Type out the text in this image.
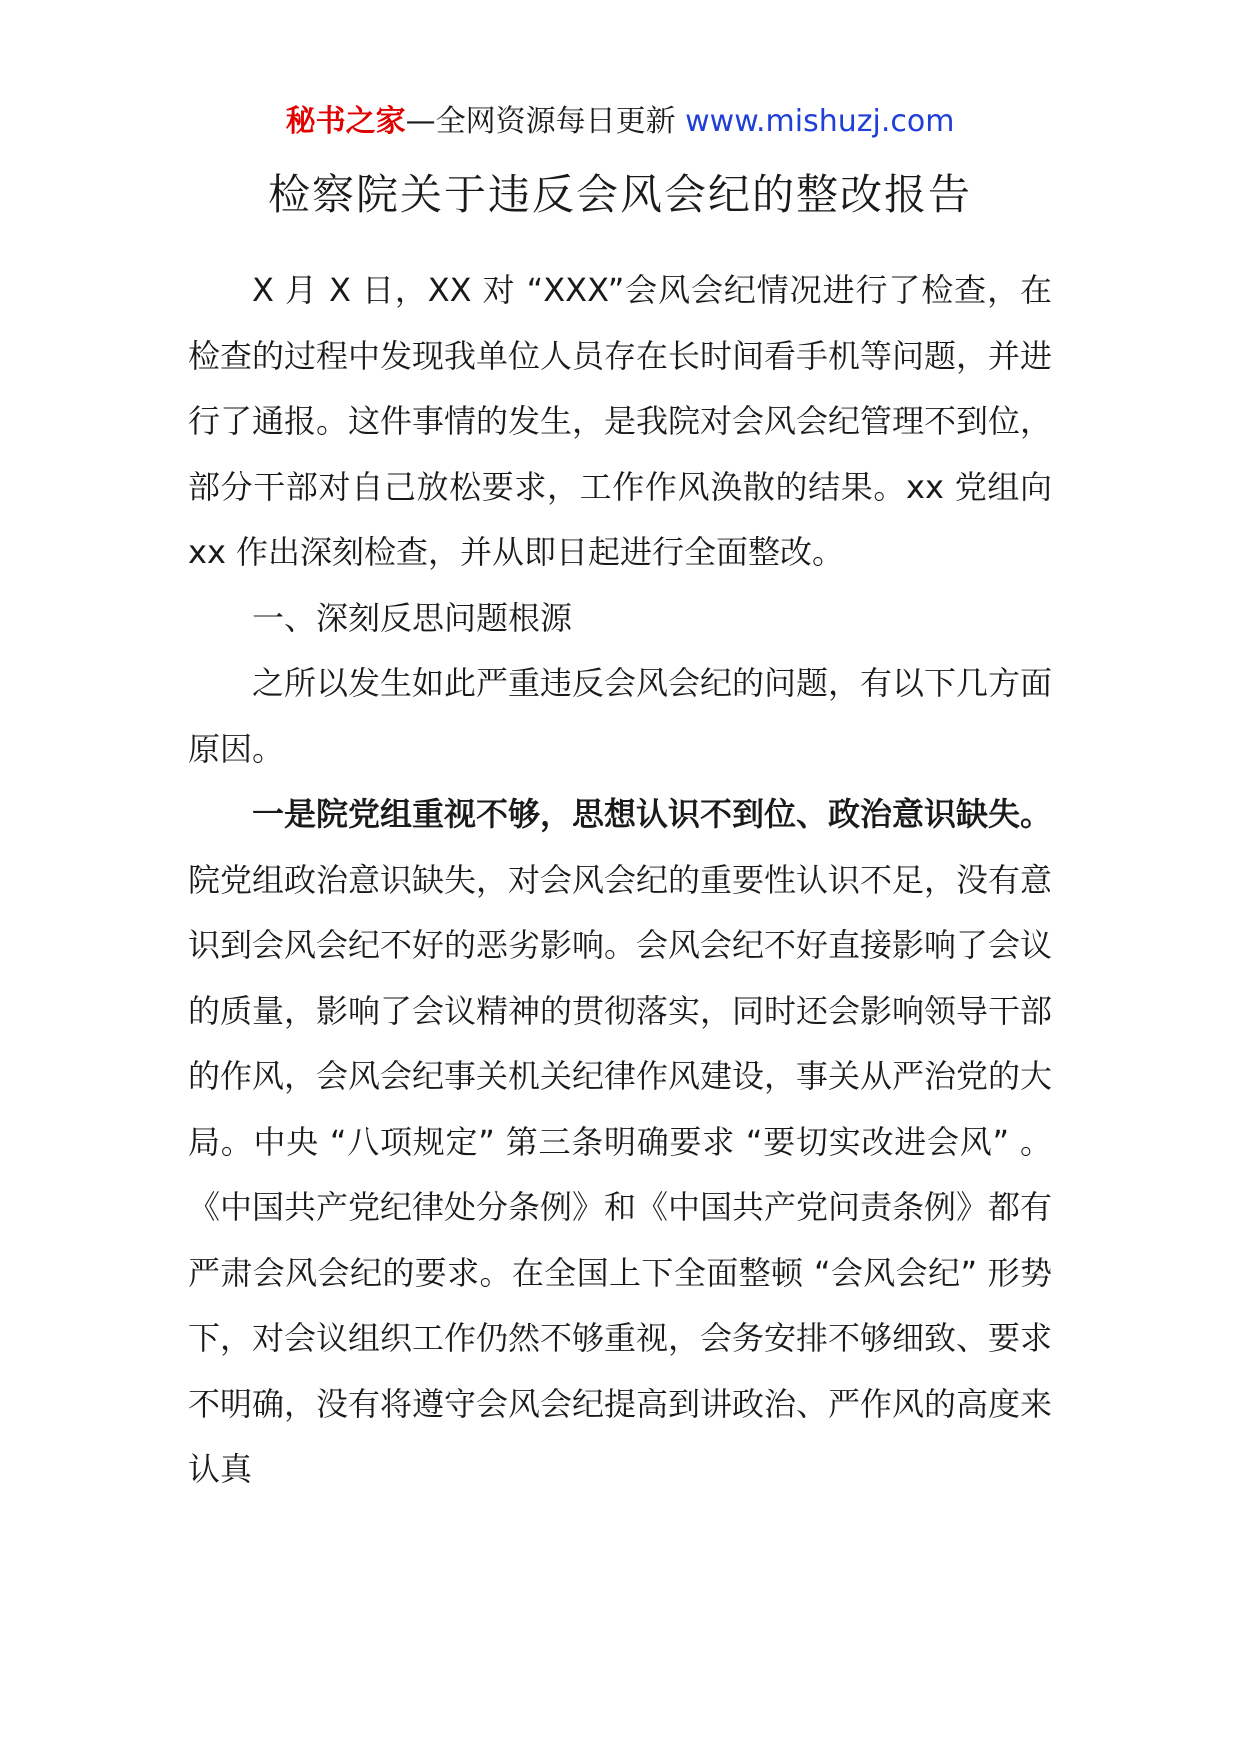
秘书之家—全网资源每日更新 www.mishuzj.com
检察院关于违反会风会纪的整改报告

X 月 X 日，XX 对 “XXX”会风会纪情况进行了检查，在检查的过程中发现我单位人员存在长时间看手机等问题，并进行了通报。这件事情的发生，是我院对会风会纪管理不到位，部分干部对自己放松要求，工作作风涣散的结果。xx 党组向 xx 作出深刻检查，并从即日起进行全面整改。

一、深刻反思问题根源

之所以发生如此严重违反会风会纪的问题，有以下几方面原因。

一是院党组重视不够，思想认识不到位、政治意识缺失。院党组政治意识缺失，对会风会纪的重要性认识不足，没有意识到会风会纪不好的恶劣影响。会风会纪不好直接影响了会议的质量，影响了会议精神的贯彻落实，同时还会影响领导干部的作风，会风会纪事关机关纪律作风建设，事关从严治党的大局。中央 “八项规定” 第三条明确要求 “要切实改进会风” 。《中国共产党纪律处分条例》和《中国共产党问责条例》都有严肃会风会纪的要求。在全国上下全面整顿 “会风会纪” 形势下，对会议组织工作仍然不够重视，会务安排不够细致、要求不明确，没有将遵守会风会纪提高到讲政治、严作风的高度来认真
